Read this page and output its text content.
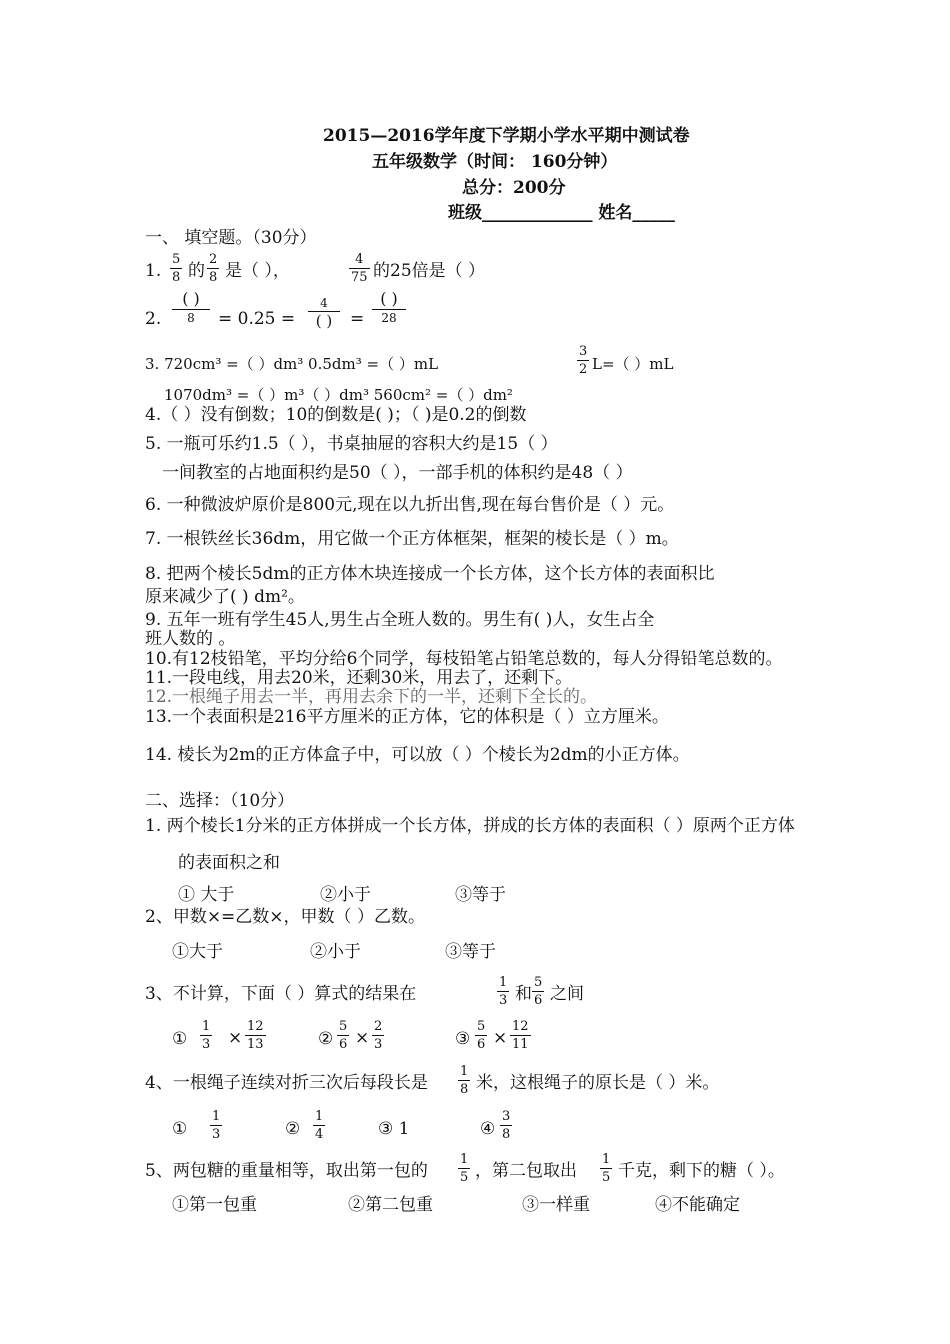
2015—2016学年度下学期小学水平期中测试卷
五年级数学（时间： 160分钟）
总分：200分
班级_____________ 姓名_____
一、 填空题。（30分）
1. $\frac{5}{8}$ 的 $\frac{2}{8}$ 是（ ），	$\frac{4}{75}$ 的25倍是（ ）
2.
( )
8	= 0.25 =
4
( )	=
( )
28
3. 720cm³ =（ ）dm³ 0.5dm³ =（ ）mL	$\frac{3}{2} L=$（ ）mL
1070dm³ =（ ）m³（ ）dm³ 560cm² =（ ）dm²
4.（ ）没有倒数；10的倒数是( )；（ )是0.2的倒数
5. 一瓶可乐约1.5（ ），书桌抽屉的容积大约是15（ ）
一间教室的占地面积约是50（ ），一部手机的体积约是48（ ）
6. 一种微波炉原价是800元,现在以九折出售,现在每台售价是（ ）元。
7. 一根铁丝长36dm，用它做一个正方体框架，框架的棱长是（ ）m。
8. 把两个棱长5dm的正方体木块连接成一个长方体，这个长方体的表面积比
原来减少了( ) dm²。
9. 五年一班有学生45人,男生占全班人数的。男生有( )人，女生占全
班人数的 。
10.有12枝铅笔，平均分给6个同学，每枝铅笔占铅笔总数的，每人分得铅笔总数的。
11.一段电线，用去20米，还剩30米，用去了，还剩下。
12.一根绳子用去一半，再用去余下的一半，还剩下全长的。
13.一个表面积是216平方厘米的正方体，它的体积是（ ）立方厘米。
14. 棱长为2m的正方体盒子中，可以放（ ）个棱长为2dm的小正方体。
二、选择：（10分）
1. 两个棱长1分米的正方体拼成一个长方体，拼成的长方体的表面积（ ）原两个正方体
的表面积之和
① 大于	②小于	③等于
2、甲数×=乙数×，甲数（ ）乙数。
①大于	②小于	③等于
3、不计算，下面（ ）算式的结果在	$\frac{1}{3}$ 和 $\frac{5}{6}$ 之间
① $\frac{1}{3} \times \frac{12}{13}$	② $\frac{5}{6} \times \frac{2}{3}$	③ $\frac{5}{6} \times \frac{12}{11}$
4、一根绳子连续对折三次后每段长是 $\frac{1}{8}$ 米，这根绳子的原长是（ ）米。
① $\frac{1}{3}$	② $\frac{1}{4}$	③ 1	④ $\frac{3}{8}$
5、两包糖的重量相等，取出第一包的 $\frac{1}{5}$ ，第二包取出 $\frac{1}{5}$ 千克，剩下的糖（ ）。
①第一包重	②第二包重	③一样重	④不能确定
